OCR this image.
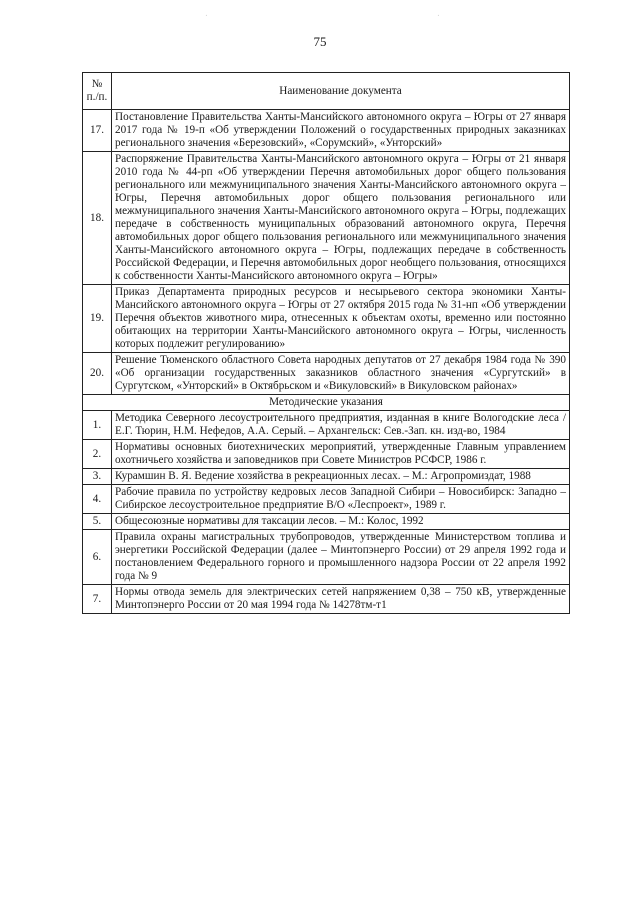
ˈ	ˈ
75
№ п./п.	Наименование документа
17.	Постановление Правительства Ханты-Мансийского автономного округа – Югры от 27 января 2017 года № 19-п «Об утверждении Положений о государственных природных заказниках регионального значения «Березовский», «Сорумский», «Унторский»
18.	Распоряжение Правительства Ханты-Мансийского автономного округа – Югры от 21 января 2010 года № 44-рп «Об утверждении Перечня автомобильных дорог общего пользования регионального или межмуниципального значения Ханты-Мансийского автономного округа – Югры, Перечня автомобильных дорог общего пользования регионального или межмуниципального значения Ханты-Мансийского автономного округа – Югры, подлежащих передаче в собственность муниципальных образований автономного округа, Перечня автомобильных дорог общего пользования регионального или межмуниципального значения Ханты-Мансийского автономного округа – Югры, подлежащих передаче в собственность Российской Федерации, и Перечня автомобильных дорог необщего пользования, относящихся к собственности Ханты-Мансийского автономного округа – Югры»
19.	Приказ Департамента природных ресурсов и несырьевого сектора экономики Ханты-Мансийского автономного округа – Югры от 27 октября 2015 года № 31-нп «Об утверждении Перечня объектов животного мира, отнесенных к объектам охоты, временно или постоянно обитающих на территории Ханты-Мансийского автономного округа – Югры, численность которых подлежит регулированию»
20.	Решение Тюменского областного Совета народных депутатов от 27 декабря 1984 года № 390 «Об организации государственных заказников областного значения «Сургутский» в Сургутском, «Унторский» в Октябрьском и «Викуловский» в Викуловском районах»
Методические указания	
1.	Методика Северного лесоустроительного предприятия, изданная в книге Вологодские леса / Е.Г. Тюрин, Н.М. Нефедов, А.А. Серый. – Архангельск: Сев.-Зап. кн. изд-во, 1984
2.	Нормативы основных биотехнических мероприятий, утвержденные Главным управлением охотничьего хозяйства и заповедников при Совете Министров РСФСР, 1986 г.
3.	Курамшин В. Я. Ведение хозяйства в рекреационных лесах. – М.: Агропромиздат, 1988
4.	Рабочие правила по устройству кедровых лесов Западной Сибири – Новосибирск: Западно – Сибирское лесоустроительное предприятие В/О «Леспроект», 1989 г.
5.	Общесоюзные нормативы для таксации лесов. – М.: Колос, 1992
6.	Правила охраны магистральных трубопроводов, утвержденные Министерством топлива и энергетики Российской Федерации (далее – Минтопэнерго России) от 29 апреля 1992 года и постановлением Федерального горного и промышленного надзора России от 22 апреля 1992 года № 9
7.	Нормы отвода земель для электрических сетей напряжением 0,38 – 750 кВ, утвержденные Минтопэнерго России от 20 мая 1994 года № 14278тм-т1
